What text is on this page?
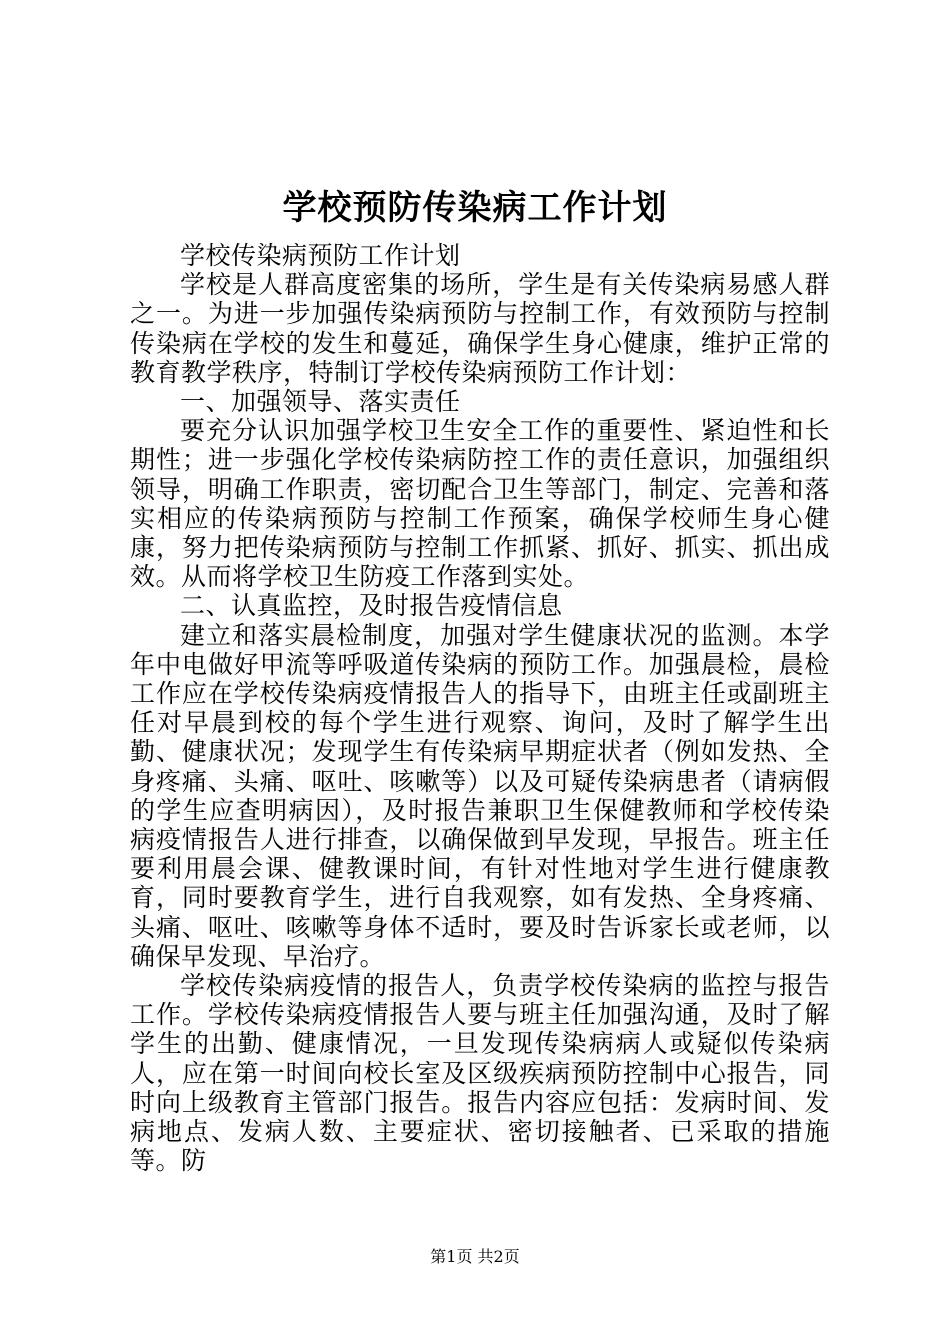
学校预防传染病工作计划

学校传染病预防工作计划

学校是人群高度密集的场所，学生是有关传染病易感人群之一。为进一步加强传染病预防与控制工作，有效预防与控制传染病在学校的发生和蔓延，确保学生身心健康，维护正常的教育教学秩序，特制订学校传染病预防工作计划：

一、加强领导、落实责任

要充分认识加强学校卫生安全工作的重要性、紧迫性和长期性；进一步强化学校传染病防控工作的责任意识，加强组织领导，明确工作职责，密切配合卫生等部门，制定、完善和落实相应的传染病预防与控制工作预案，确保学校师生身心健康，努力把传染病预防与控制工作抓紧、抓好、抓实、抓出成效。从而将学校卫生防疫工作落到实处。

二、认真监控，及时报告疫情信息

建立和落实晨检制度，加强对学生健康状况的监测。本学年中电做好甲流等呼吸道传染病的预防工作。加强晨检，晨检工作应在学校传染病疫情报告人的指导下，由班主任或副班主任对早晨到校的每个学生进行观察、询问，及时了解学生出勤、健康状况；发现学生有传染病早期症状者（例如发热、全身疼痛、头痛、呕吐、咳嗽等）以及可疑传染病患者（请病假的学生应查明病因），及时报告兼职卫生保健教师和学校传染病疫情报告人进行排查，以确保做到早发现，早报告。班主任要利用晨会课、健教课时间，有针对性地对学生进行健康教育，同时要教育学生，进行自我观察，如有发热、全身疼痛、头痛、呕吐、咳嗽等身体不适时，要及时告诉家长或老师，以确保早发现、早治疗。

学校传染病疫情的报告人，负责学校传染病的监控与报告工作。学校传染病疫情报告人要与班主任加强沟通，及时了解学生的出勤、健康情况，一旦发现传染病病人或疑似传染病人，应在第一时间向校长室及区级疾病预防控制中心报告，同时向上级教育主管部门报告。报告内容应包括：发病时间、发病地点、发病人数、主要症状、密切接触者、已采取的措施等。防

第1页 共2页
